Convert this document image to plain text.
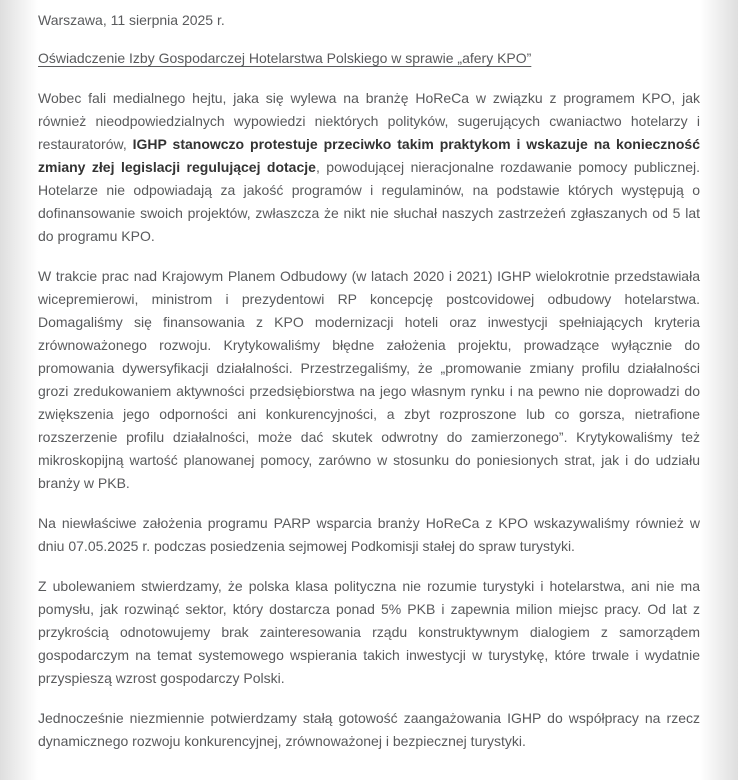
Warszawa, 11 sierpnia 2025 r.

Oświadczenie Izby Gospodarczej Hotelarstwa Polskiego w sprawie „afery KPO”

Wobec fali medialnego hejtu, jaka się wylewa na branżę HoReCa w związku z programem KPO, jak również nieodpowiedzialnych wypowiedzi niektórych polityków, sugerujących cwaniactwo hotelarzy i restauratorów, IGHP stanowczo protestuje przeciwko takim praktykom i wskazuje na konieczność zmiany złej legislacji regulującej dotacje, powodującej nieracjonalne rozdawanie pomocy publicznej. Hotelarze nie odpowiadają za jakość programów i regulaminów, na podstawie których występują o dofinansowanie swoich projektów, zwłaszcza że nikt nie słuchał naszych zastrzeżeń zgłaszanych od 5 lat do programu KPO.

W trakcie prac nad Krajowym Planem Odbudowy (w latach 2020 i 2021) IGHP wielokrotnie przedstawiała wicepremierowi, ministrom i prezydentowi RP koncepcję postcovidowej odbudowy hotelarstwa. Domagaliśmy się finansowania z KPO modernizacji hoteli oraz inwestycji spełniających kryteria zrównoważonego rozwoju. Krytykowaliśmy błędne założenia projektu, prowadzące wyłącznie do promowania dywersyfikacji działalności. Przestrzegaliśmy, że „promowanie zmiany profilu działalności grozi zredukowaniem aktywności przedsiębiorstwa na jego własnym rynku i na pewno nie doprowadzi do zwiększenia jego odporności ani konkurencyjności, a zbyt rozproszone lub co gorsza, nietrafione rozszerzenie profilu działalności, może dać skutek odwrotny do zamierzonego”. Krytykowaliśmy też mikroskopijną wartość planowanej pomocy, zarówno w stosunku do poniesionych strat, jak i do udziału branży w PKB.

Na niewłaściwe założenia programu PARP wsparcia branży HoReCa z KPO wskazywaliśmy również w dniu 07.05.2025 r. podczas posiedzenia sejmowej Podkomisji stałej do spraw turystyki.

Z ubolewaniem stwierdzamy, że polska klasa polityczna nie rozumie turystyki i hotelarstwa, ani nie ma pomysłu, jak rozwinąć sektor, który dostarcza ponad 5% PKB i zapewnia milion miejsc pracy. Od lat z przykrością odnotowujemy brak zainteresowania rządu konstruktywnym dialogiem z samorządem gospodarczym na temat systemowego wspierania takich inwestycji w turystykę, które trwale i wydatnie przyspieszą wzrost gospodarczy Polski.

Jednocześnie niezmiennie potwierdzamy stałą gotowość zaangażowania IGHP do współpracy na rzecz dynamicznego rozwoju konkurencyjnej, zrównoważonej i bezpiecznej turystyki.
